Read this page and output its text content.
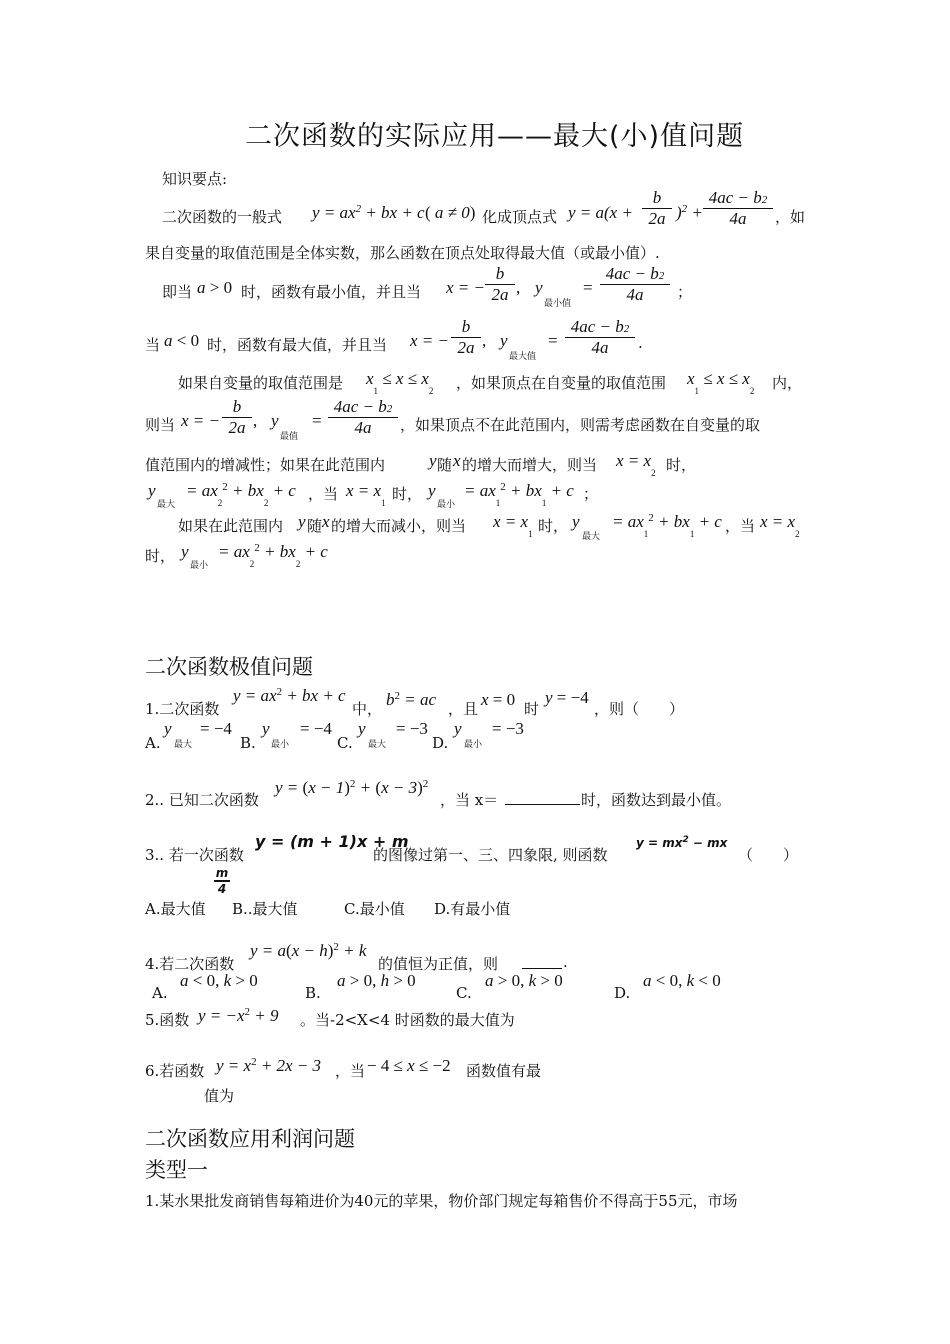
二次函数的实际应用——最大(小)值问题
知识要点:
二次函数的一般式 $y = ax^2$ + bx + c ( a ≠ 0) 化成顶点式 $y = a(x + \frac{b}{2a} )^2 + \frac{4ac - b2}{4a}$ ，如
果自变量的取值范围是全体实数，那么函数在顶点处取得最大值（或最小值）.
即当 a > 0 时，函数有最小值，并且当 x = − $\frac{b}{2a}$ , y
最小值
= $\frac{4ac - b2}{4a}$ ；
当 a < 0 时，函数有最大值，并且当 x = − $\frac{b}{2a}$ , y
最大值
= $\frac{4ac - b2}{4a}$ .
如果自变量的取值范围是 $x_1 \le x \le x_2$ ，如果顶点在自变量的取值范围 $x_1 \le x \le x_2$ 内，
则当 x = − $\frac{b}{2a}$ , y
最值
= $\frac{4ac - b2}{4a}$ ，如果顶点不在此范围内，则需考虑函数在自变量的取
值范围内的增减性；如果在此范围内	y 随 x 的增大而增大，则当 $x = x_2$ 时，
y
最大
= $ax_2^2 + bx_2 + c$ ，当 $x = x_1$ 时， y
最小
= $ax_1^2 + bx_1 + c$ ；
如果在此范围内 y 随 x 的增大而减小，则当 $x = x_1$ 时， y
最大
= $ax_1^2 + bx_1 + c$ ，当 $x = x_2$
时， y
最小
= $ax_2^2 + bx_2 + c$
二次函数极值问题
1.二次函数
$y = ax^2$ + bx + c
中， $b^2$ = ac ，且 x = 0 时
y = −4
，则（　　）
A.
y
最大
= −4
B.
y
最小
= −4
C.
y
最大
= −3
D.
y
最小
= −3
2.. 已知二次函数
$y = (x - 1)^2 + (x - 3)^2$
，当 x＝	时，函数达到最小值。
3.. 若一次函数
y = (m + 1)x + m
的图像过第一、三、四象限, 则函数
$y = mx^2$ − mx
（　　）
m
4
A.最大值 B..最大值	C.最小值 D.有最小值
4.若二次函数
$y = a(x - h)^2 + k$
的值恒为正值，则	.
A.
a < 0, k > 0
B.
a > 0, h > 0
C.
a > 0, k > 0
D.
a < 0, k < 0
5.函数 $y = -x^2 + 9$ 。当-2<X<4 时函数的最大值为
6.若函数 $y = x^2 + 2x - 3$ ，当 − 4 ≤ x ≤ −2 函数值有最
值为
二次函数应用利润问题
类型一
1.某水果批发商销售每箱进价为40元的苹果，物价部门规定每箱售价不得高于55元，市场
